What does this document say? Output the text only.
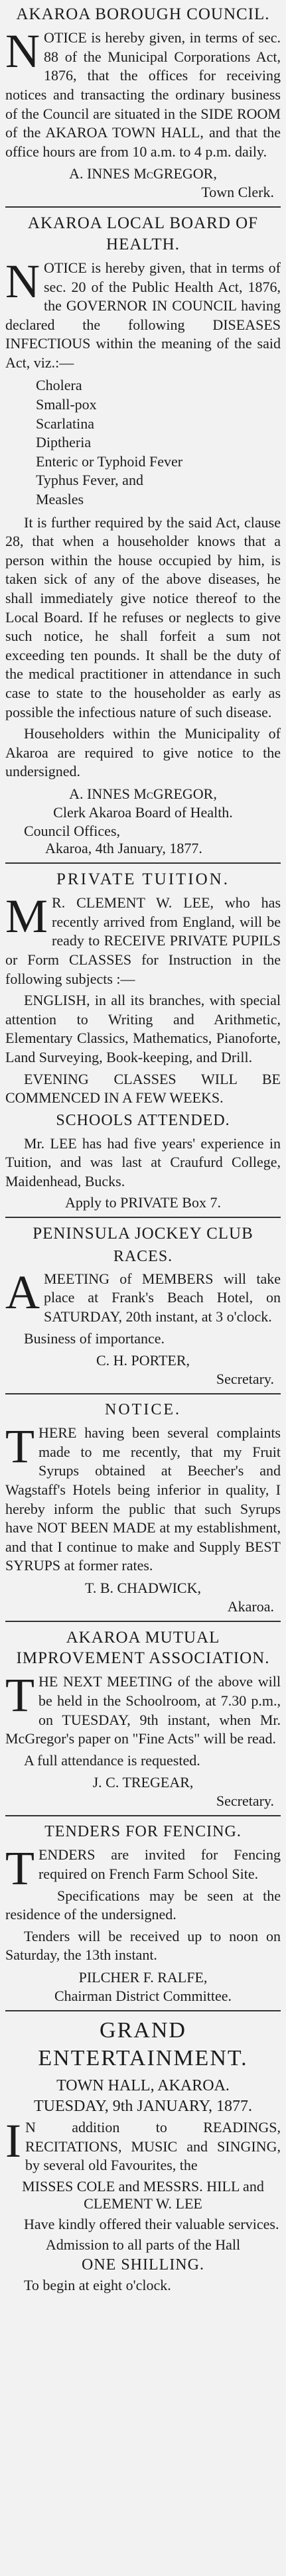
AKAROA BOROUGH COUNCIL.

NOTICE is hereby given, in terms of sec. 88 of the Municipal Corporations Act, 1876, that the offices for receiving notices and transacting the ordinary business of the Council are situated in the SIDE ROOM of the AKAROA TOWN HALL, and that the office hours are from 10 a.m. to 4 p.m. daily.

A. INNES McGREGOR,
Town Clerk.
AKAROA LOCAL BOARD OF HEALTH.

NOTICE is hereby given, that in terms of sec. 20 of the Public Health Act, 1876, the GOVERNOR IN COUNCIL having declared the following DISEASES INFECTIOUS within the meaning of the said Act, viz.:—

Cholera
Small-pox
Scarlatina
Diptheria
Enteric or Typhoid Fever
Typhus Fever, and
Measles

It is further required by the said Act, clause 28, that when a householder knows that a person within the house occupied by him, is taken sick of any of the above diseases, he shall immediately give notice thereof to the Local Board. If he refuses or neglects to give such notice, he shall forfeit a sum not exceeding ten pounds. It shall be the duty of the medical practitioner in attendance in such case to state to the householder as early as possible the infectious nature of such disease.

Householders within the Municipality of Akaroa are required to give notice to the undersigned.

A. INNES McGREGOR,
Clerk Akaroa Board of Health.
Council Offices,
Akaroa, 4th January, 1877.
PRIVATE TUITION.

MR. CLEMENT W. LEE, who has recently arrived from England, will be ready to RECEIVE PRIVATE PUPILS or Form CLASSES for Instruction in the following subjects :—

ENGLISH, in all its branches, with special attention to Writing and Arithmetic, Elementary Classics, Mathematics, Pianoforte, Land Surveying, Book-keeping, and Drill.

EVENING CLASSES WILL BE COMMENCED IN A FEW WEEKS.

SCHOOLS ATTENDED.

Mr. LEE has had five years' experience in Tuition, and was last at Craufurd College, Maidenhead, Bucks.

Apply to PRIVATE Box 7.
PENINSULA JOCKEY CLUB
RACES.

AMEETING of MEMBERS will take place at Frank's Beach Hotel, on SATURDAY, 20th instant, at 3 o'clock.

Business of importance.

C. H. PORTER,
Secretary.
NOTICE.

THERE having been several complaints made to me recently, that my Fruit Syrups obtained at Beecher's and Wagstaff's Hotels being inferior in quality, I hereby inform the public that such Syrups have NOT BEEN MADE at my establishment, and that I continue to make and Supply BEST SYRUPS at former rates.

T. B. CHADWICK,
Akaroa.
AKAROA MUTUAL IMPROVEMENT ASSOCIATION.

THE NEXT MEETING of the above will be held in the Schoolroom, at 7.30 p.m., on TUESDAY, 9th instant, when Mr. McGregor's paper on "Fine Acts" will be read.

A full attendance is requested.

J. C. TREGEAR,
Secretary.
TENDERS FOR FENCING.

TENDERS are invited for Fencing required on French Farm School Site.

Specifications may be seen at the residence of the undersigned.

Tenders will be received up to noon on Saturday, the 13th instant.

PILCHER F. RALFE,
Chairman District Committee.
GRAND ENTERTAINMENT.
TOWN HALL, AKAROA.
TUESDAY, 9th JANUARY, 1877.

IN addition to READINGS, RECITATIONS, MUSIC and SINGING, by several old Favourites, the

MISSES COLE and MESSRS. HILL and CLEMENT W. LEE

Have kindly offered their valuable services.

Admission to all parts of the Hall
ONE SHILLING.
To begin at eight o'clock.
